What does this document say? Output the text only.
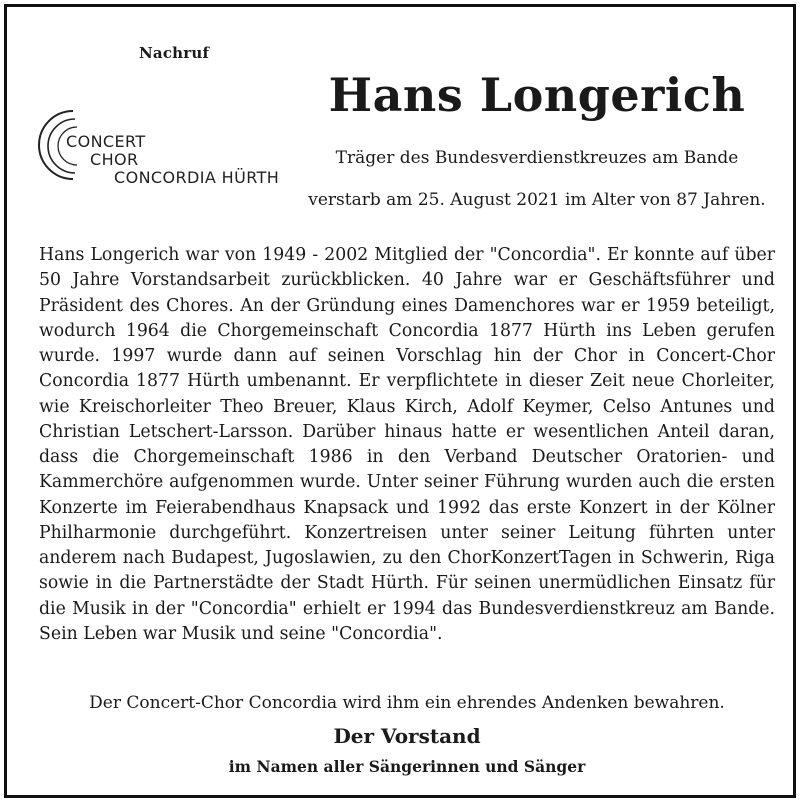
Nachruf
Hans Longerich
CONCERT
CHOR
CONCORDIA HÜRTH
Träger des Bundesverdienstkreuzes am Bande
verstarb am 25. August 2021 im Alter von 87 Jahren.
Hans Longerich war von 1949 - 2002 Mitglied der "Concordia". Er konnte auf über 50 Jahre Vorstandsarbeit zurückblicken. 40 Jahre war er Geschäftsführer und Präsident des Chores. An der Gründung eines Damenchores war er 1959 beteiligt, wodurch 1964 die Chorgemeinschaft Concordia 1877 Hürth ins Leben gerufen wurde. 1997 wurde dann auf seinen Vorschlag hin der Chor in Concert-Chor Concordia 1877 Hürth umbenannt. Er verpflichtete in dieser Zeit neue Chorleiter, wie Kreischorleiter Theo Breuer, Klaus Kirch, Adolf Keymer, Celso Antunes und Christian Letschert-Larsson. Darüber hinaus hatte er wesentlichen Anteil daran, dass die Chorgemeinschaft 1986 in den Verband Deutscher Oratorien- und Kammerchöre aufgenommen wurde. Unter seiner Führung wurden auch die ersten Konzerte im Feierabendhaus Knapsack und 1992 das erste Konzert in der Kölner Philharmonie durchgeführt. Konzertreisen unter seiner Leitung führten unter anderem nach Budapest, Jugoslawien, zu den ChorKonzertTagen in Schwerin, Riga sowie in die Partnerstädte der Stadt Hürth. Für seinen unermüdlichen Einsatz für die Musik in der "Concordia" erhielt er 1994 das Bundesverdienstkreuz am Bande. Sein Leben war Musik und seine "Concordia".
Der Concert-Chor Concordia wird ihm ein ehrendes Andenken bewahren.
Der Vorstand
im Namen aller Sängerinnen und Sänger
